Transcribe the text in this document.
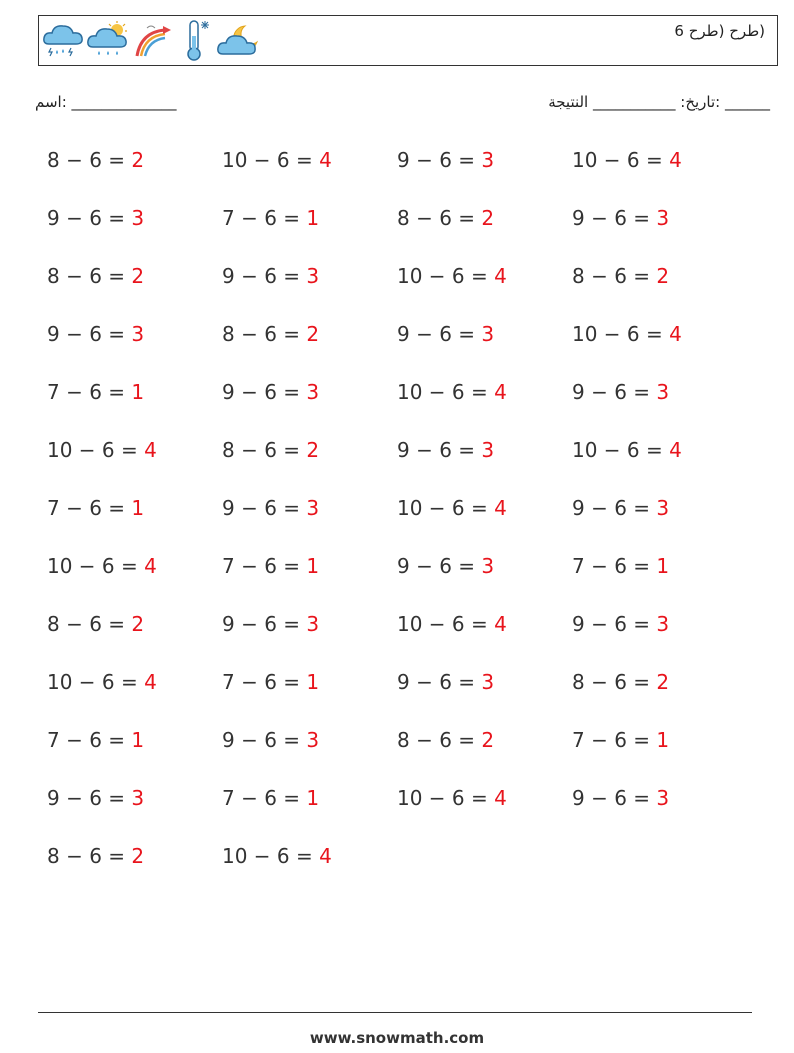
(طرح (طرح 6
______ :تاريخ: ___________ النتيجة
______________ :اسم
8 − 6 = 2	10 − 6 = 4	9 − 6 = 3	10 − 6 = 4
9 − 6 = 3	7 − 6 = 1	8 − 6 = 2	9 − 6 = 3
8 − 6 = 2	9 − 6 = 3	10 − 6 = 4	8 − 6 = 2
9 − 6 = 3	8 − 6 = 2	9 − 6 = 3	10 − 6 = 4
7 − 6 = 1	9 − 6 = 3	10 − 6 = 4	9 − 6 = 3
10 − 6 = 4	8 − 6 = 2	9 − 6 = 3	10 − 6 = 4
7 − 6 = 1	9 − 6 = 3	10 − 6 = 4	9 − 6 = 3
10 − 6 = 4	7 − 6 = 1	9 − 6 = 3	7 − 6 = 1
8 − 6 = 2	9 − 6 = 3	10 − 6 = 4	9 − 6 = 3
10 − 6 = 4	7 − 6 = 1	9 − 6 = 3	8 − 6 = 2
7 − 6 = 1	9 − 6 = 3	8 − 6 = 2	7 − 6 = 1
9 − 6 = 3	7 − 6 = 1	10 − 6 = 4	9 − 6 = 3
8 − 6 = 2	10 − 6 = 4
www.snowmath.com
